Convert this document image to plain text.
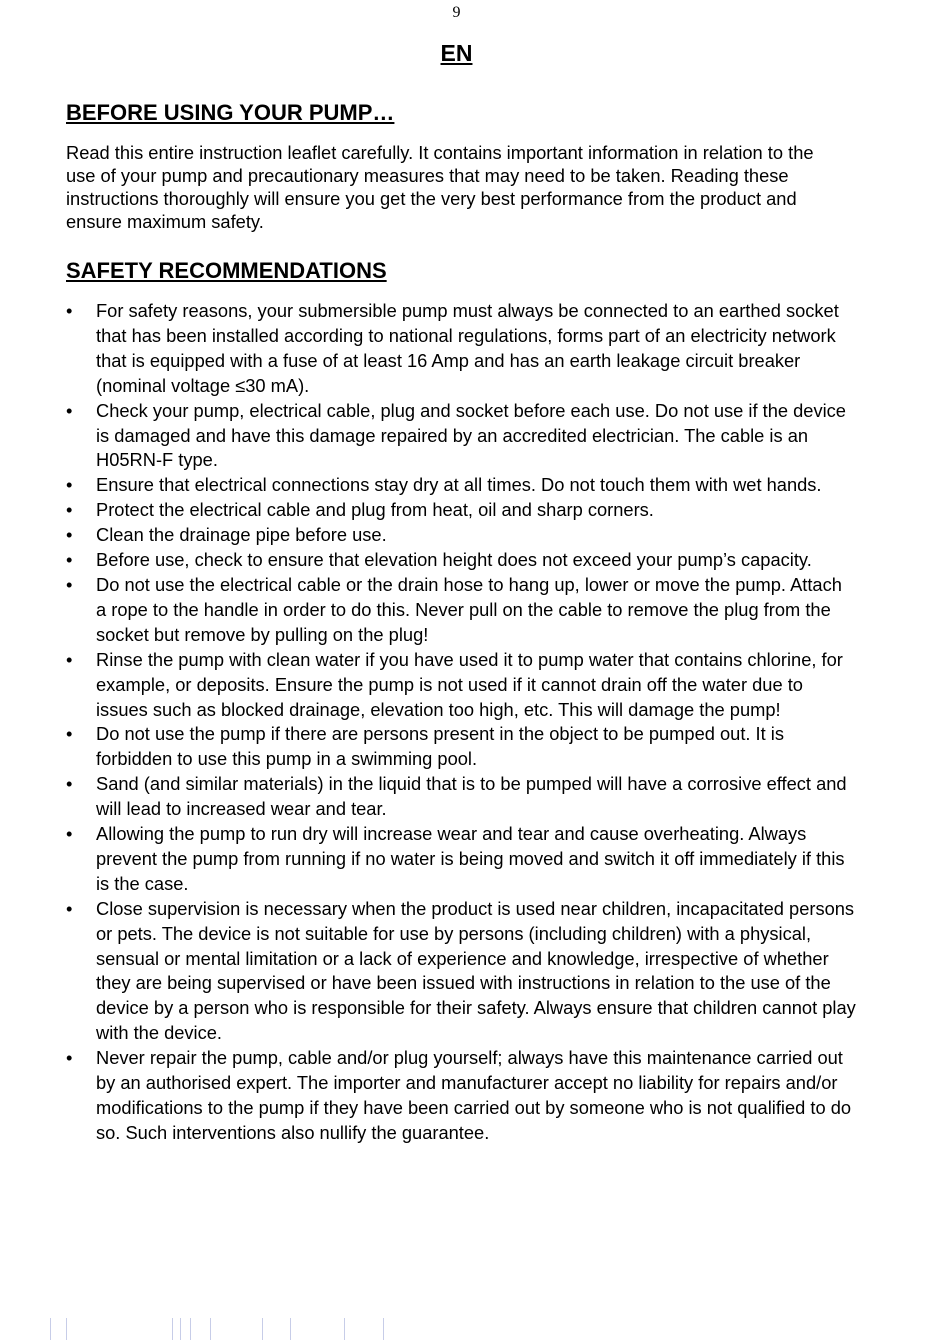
9
EN
BEFORE USING YOUR PUMP…

Read this entire instruction leaflet carefully. It contains important information in relation to the use of your pump and precautionary measures that may need to be taken. Reading these instructions thoroughly will ensure you get the very best performance from the product and ensure maximum safety.

SAFETY RECOMMENDATIONS
• For safety reasons, your submersible pump must always be connected to an earthed socket that has been installed according to national regulations, forms part of an electricity network that is equipped with a fuse of at least 16 Amp and has an earth leakage circuit breaker (nominal voltage ≤30 mA).
• Check your pump, electrical cable, plug and socket before each use. Do not use if the device is damaged and have this damage repaired by an accredited electrician. The cable is an H05RN-F type.
• Ensure that electrical connections stay dry at all times. Do not touch them with wet hands.
• Protect the electrical cable and plug from heat, oil and sharp corners.
• Clean the drainage pipe before use.
• Before use, check to ensure that elevation height does not exceed your pump’s capacity.
• Do not use the electrical cable or the drain hose to hang up, lower or move the pump. Attach a rope to the handle in order to do this. Never pull on the cable to remove the plug from the socket but remove by pulling on the plug!
• Rinse the pump with clean water if you have used it to pump water that contains chlorine, for example, or deposits. Ensure the pump is not used if it cannot drain off the water due to issues such as blocked drainage, elevation too high, etc. This will damage the pump!
• Do not use the pump if there are persons present in the object to be pumped out. It is forbidden to use this pump in a swimming pool.
• Sand (and similar materials) in the liquid that is to be pumped will have a corrosive effect and will lead to increased wear and tear.
• Allowing the pump to run dry will increase wear and tear and cause overheating. Always prevent the pump from running if no water is being moved and switch it off immediately if this is the case.
• Close supervision is necessary when the product is used near children, incapacitated persons or pets. The device is not suitable for use by persons (including children) with a physical, sensual or mental limitation or a lack of experience and knowledge, irrespective of whether they are being supervised or have been issued with instructions in relation to the use of the device by a person who is responsible for their safety. Always ensure that children cannot play with the device.
• Never repair the pump, cable and/or plug yourself; always have this maintenance carried out by an authorised expert. The importer and manufacturer accept no liability for repairs and/or modifications to the pump if they have been carried out by someone who is not qualified to do so. Such interventions also nullify the guarantee.
